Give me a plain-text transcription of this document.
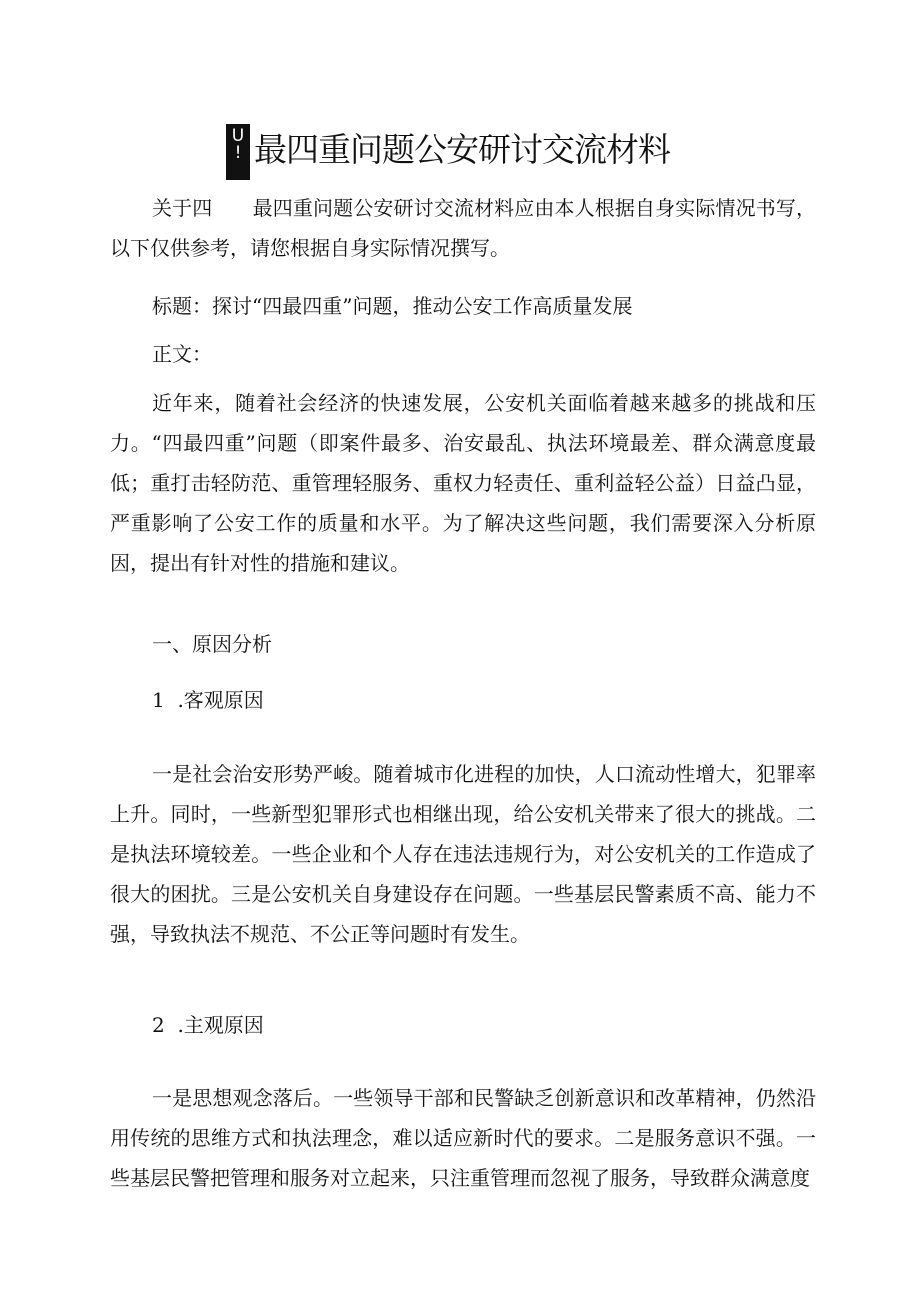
U
! 最四重问题公安研讨交流材料

关于四　　最四重问题公安研讨交流材料应由本人根据自身实际情况书写，以下仅供参考，请您根据自身实际情况撰写。

标题：探讨“四最四重”问题，推动公安工作高质量发展

正文：

近年来，随着社会经济的快速发展，公安机关面临着越来越多的挑战和压力。“四最四重”问题（即案件最多、治安最乱、执法环境最差、群众满意度最低；重打击轻防范、重管理轻服务、重权力轻责任、重利益轻公益）日益凸显，严重影响了公安工作的质量和水平。为了解决这些问题，我们需要深入分析原因，提出有针对性的措施和建议。

一、原因分析

1  .客观原因

一是社会治安形势严峻。随着城市化进程的加快，人口流动性增大，犯罪率上升。同时，一些新型犯罪形式也相继出现，给公安机关带来了很大的挑战。二是执法环境较差。一些企业和个人存在违法违规行为，对公安机关的工作造成了很大的困扰。三是公安机关自身建设存在问题。一些基层民警素质不高、能力不强，导致执法不规范、不公正等问题时有发生。

2  .主观原因

一是思想观念落后。一些领导干部和民警缺乏创新意识和改革精神，仍然沿用传统的思维方式和执法理念，难以适应新时代的要求。二是服务意识不强。一些基层民警把管理和服务对立起来，只注重管理而忽视了服务，导致群众满意度
